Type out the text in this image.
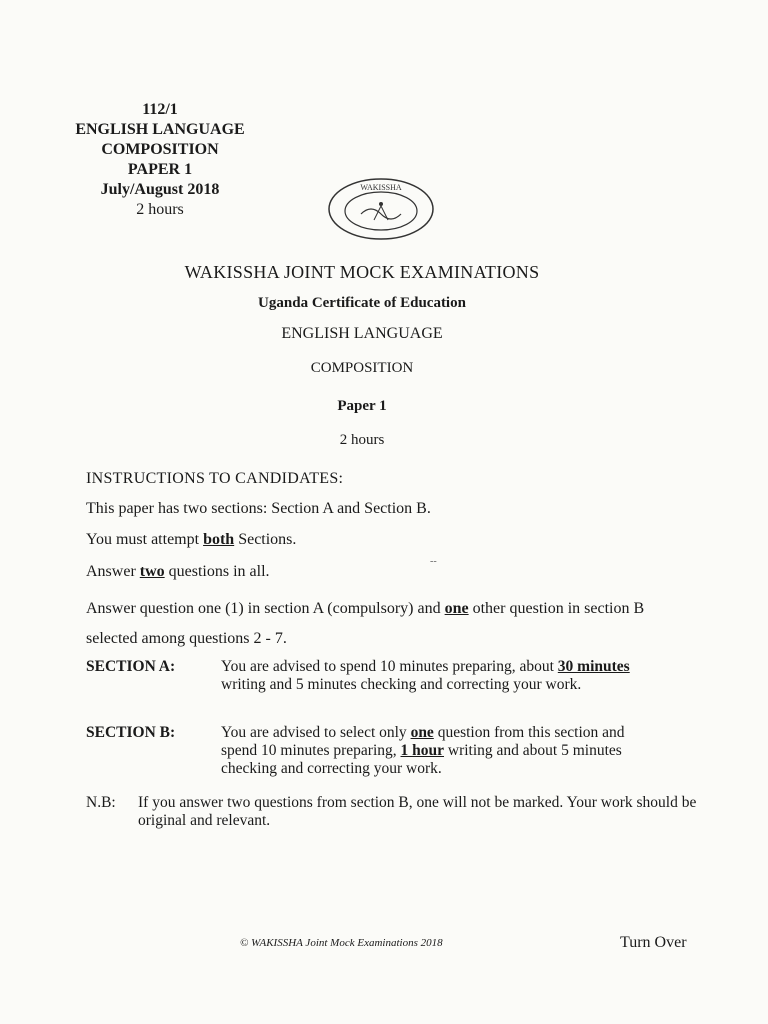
112/1
ENGLISH LANGUAGE
COMPOSITION
PAPER 1
July/August 2018
2 hours
WAKISSHA
WAKISSHA JOINT MOCK EXAMINATIONS
Uganda Certificate of Education
ENGLISH LANGUAGE
COMPOSITION
Paper 1
2 hours
INSTRUCTIONS TO CANDIDATES:
This paper has two sections: Section A and Section B.
You must attempt both Sections.
--
Answer two questions in all.
Answer question one (1) in section A (compulsory) and one other question in section B selected among questions 2 - 7.
SECTION A:	You are advised to spend 10 minutes preparing, about 30 minutes writing and 5 minutes checking and correcting your work.
SECTION B:	You are advised to select only one question from this section and spend 10 minutes preparing, 1 hour writing and about 5 minutes checking and correcting your work.
N.B: If you answer two questions from section B, one will not be marked. Your work should be original and relevant.
© WAKISSHA Joint Mock Examinations 2018	Turn Over
